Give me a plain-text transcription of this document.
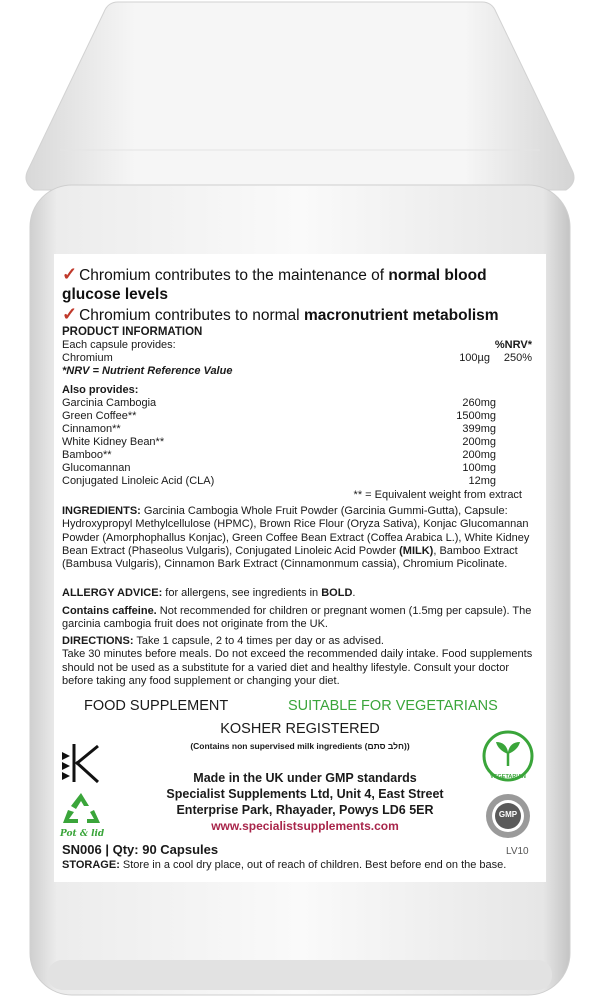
✓ Chromium contributes to the maintenance of normal blood glucose levels
✓ Chromium contributes to normal macronutrient metabolism
PRODUCT INFORMATION
Each capsule provides:	%NRV*
Chromium	100µg 250%
*NRV = Nutrient Reference Value
Also provides:
Garcinia Cambogia	260mg
Green Coffee**	1500mg
Cinnamon**	399mg
White Kidney Bean**	200mg
Bamboo**	200mg
Glucomannan	100mg
Conjugated Linoleic Acid (CLA)	12mg
** = Equivalent weight from extract
INGREDIENTS: Garcinia Cambogia Whole Fruit Powder (Garcinia Gummi-Gutta), Capsule: Hydroxypropyl Methylcellulose (HPMC), Brown Rice Flour (Oryza Sativa), Konjac Glucomannan Powder (Amorphophallus Konjac), Green Coffee Bean Extract (Coffea Arabica L.), White Kidney Bean Extract (Phaseolus Vulgaris), Conjugated Linoleic Acid Powder (MILK), Bamboo Extract (Bambusa Vulgaris), Cinnamon Bark Extract (Cinnamonmum cassia), Chromium Picolinate.
ALLERGY ADVICE: for allergens, see ingredients in BOLD.
Contains caffeine. Not recommended for children or pregnant women (1.5mg per capsule). The garcinia cambogia fruit does not originate from the UK.
DIRECTIONS: Take 1 capsule, 2 to 4 times per day or as advised.
Take 30 minutes before meals. Do not exceed the recommended daily intake. Food supplements should not be used as a substitute for a varied diet and healthy lifestyle. Consult your doctor before taking any food supplement or changing your diet.
FOOD SUPPLEMENT	SUITABLE FOR VEGETARIANS
KOSHER REGISTERED
(Contains non supervised milk ingredients (חלב סתם))
Pot & lid
VEGETARIAN
GMP
Made in the UK under GMP standards
Specialist Supplements Ltd, Unit 4, East Street
Enterprise Park, Rhayader, Powys LD6 5ER
www.specialistsupplements.com
SN006 | Qty: 90 Capsules	LV10
STORAGE: Store in a cool dry place, out of reach of children. Best before end on the base.
